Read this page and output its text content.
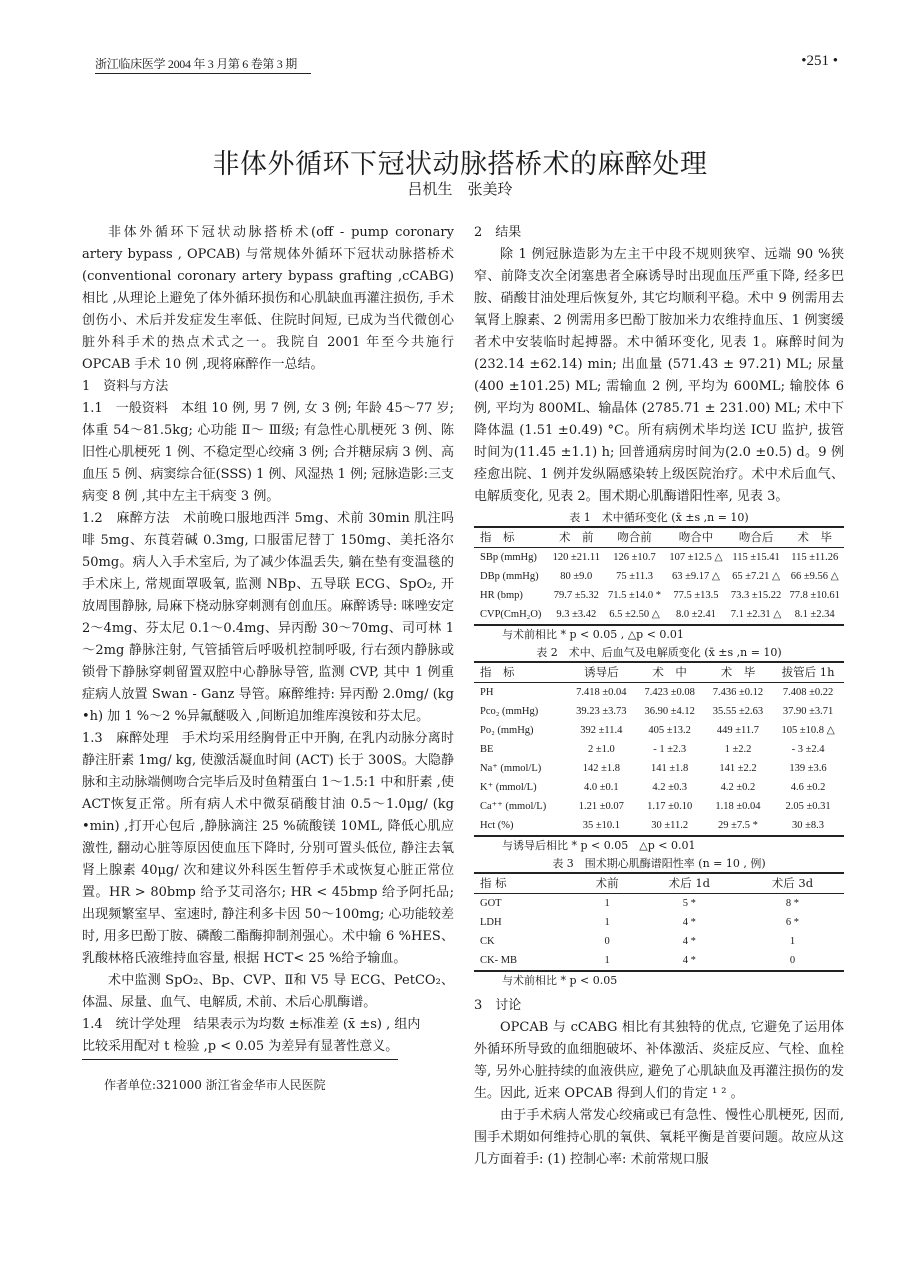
浙江临床医学 2004 年 3 月第 6 卷第 3 期	•251 •
非体外循环下冠状动脉搭桥术的麻醉处理
吕机生　张美玲

非体外循环下冠状动脉搭桥术(off - pump coronary artery bypass , OPCAB) 与常规体外循环下冠状动脉搭桥术(conventional coronary artery bypass grafting ,cCABG) 相比 ,从理论上避免了体外循环损伤和心肌缺血再灌注损伤, 手术创伤小、术后并发症发生率低、住院时间短, 已成为当代微创心脏外科手术的热点术式之一。我院自 2001 年至今共施行 OPCAB 手术 10 例 ,现将麻醉作一总结。

1　资料与方法

1.1　一般资料　本组 10 例, 男 7 例, 女 3 例; 年龄 45～77 岁; 体重 54～81.5kg; 心功能 Ⅱ～ Ⅲ级; 有急性心肌梗死 3 例、陈旧性心肌梗死 1 例、不稳定型心绞痛 3 例; 合并糖尿病 3 例、高血压 5 例、病窦综合征(SSS) 1 例、风湿热 1 例; 冠脉造影:三支病变 8 例 ,其中左主干病变 3 例。

1.2　麻醉方法　术前晚口服地西泮 5mg、术前 30min 肌注吗啡 5mg、东莨菪碱 0.3mg, 口服雷尼替丁 150mg、美托洛尔 50mg。病人入手术室后, 为了减少体温丢失, 躺在垫有变温毯的手术床上, 常规面罩吸氧, 监测 NBp、五导联 ECG、SpO₂, 开放周围静脉, 局麻下桡动脉穿刺测有创血压。麻醉诱导: 咪唑安定 2～4mg、芬太尼 0.1～0.4mg、异丙酚 30～70mg、司可林 1～2mg 静脉注射, 气管插管后呼吸机控制呼吸, 行右颈内静脉或锁骨下静脉穿刺留置双腔中心静脉导管, 监测 CVP, 其中 1 例重症病人放置 Swan - Ganz 导管。麻醉维持: 异丙酚 2.0mg/ (kg •h) 加 1 %～2 %异氟醚吸入 ,间断追加维库溴铵和芬太尼。

1.3　麻醉处理　手术均采用经胸骨正中开胸, 在乳内动脉分离时静注肝素 1mg/ kg, 使激活凝血时间 (ACT) 长于 300S。大隐静脉和主动脉端侧吻合完毕后及时鱼精蛋白 1～1.5:1 中和肝素 ,使 ACT恢复正常。所有病人术中微泵硝酸甘油 0.5～1.0μg/ (kg •min) ,打开心包后 ,静脉滴注 25 %硫酸镁 10ML, 降低心肌应激性, 翻动心脏等原因使血压下降时, 分别可置头低位, 静注去氧肾上腺素 40μg/ 次和建议外科医生暂停手术或恢复心脏正常位置。HR > 80bmp 给予艾司洛尔; HR < 45bmp 给予阿托品; 出现频繁室早、室速时, 静注利多卡因 50～100mg; 心功能较差时, 用多巴酚丁胺、磷酸二酯酶抑制剂强心。术中输 6 %HES、乳酸林格氏液维持血容量, 根据 HCT< 25 %给予输血。

术中监测 SpO₂、Bp、CVP、Ⅱ和 V5 导 ECG、PetCO₂、体温、尿量、血气、电解质, 术前、术后心肌酶谱。

1.4　统计学处理　结果表示为均数 ±标准差 (x̄ ±s) , 组内
比较采用配对 t 检验 ,p < 0.05 为差异有显著性意义。

作者单位:321000 浙江省金华市人民医院

2　结果

除 1 例冠脉造影为左主干中段不规则狭窄、远端 90 %狭窄、前降支次全闭塞患者全麻诱导时出现血压严重下降, 经多巴胺、硝酸甘油处理后恢复外, 其它均顺利平稳。术中 9 例需用去氧肾上腺素、2 例需用多巴酚丁胺加米力农维持血压、1 例窦缓者术中安装临时起搏器。术中循环变化, 见表 1。麻醉时间为 (232.14 ±62.14) min; 出血量 (571.43 ± 97.21) ML; 尿量 (400 ±101.25) ML; 需输血 2 例, 平均为 600ML; 输胶体 6 例, 平均为 800ML、输晶体 (2785.71 ± 231.00) ML; 术中下降体温 (1.51 ±0.49) °C。所有病例术毕均送 ICU 监护, 拔管时间为(11.45 ±1.1) h; 回普通病房时间为(2.0 ±0.5) d。9 例痊愈出院、1 例并发纵隔感染转上级医院治疗。术中术后血气、电解质变化, 见表 2。围术期心肌酶谱阳性率, 见表 3。

表 1　术中循环变化 (x̄ ±s ,n = 10)
指　标	术　前	吻合前	吻合中	吻合后	术　毕
SBp (mmHg)	120 ±21.11	126 ±10.7	107 ±12.5 △	115 ±15.41	115 ±11.26
DBp (mmHg)	80 ±9.0	75 ±11.3	63 ±9.17 △	65 ±7.21 △	66 ±9.56 △
HR (bmp)	79.7 ±5.32	71.5 ±14.0 *	77.5 ±13.5	73.3 ±15.22	77.8 ±10.61
CVP(CmH₂O)	9.3 ±3.42	6.5 ±2.50 △	8.0 ±2.41	7.1 ±2.31 △	8.1 ±2.34
与术前相比 * p < 0.05 , △p < 0.01
表 2　术中、后血气及电解质变化 (x̄ ±s ,n = 10)
指　标	诱导后	术　中	术　毕	拔管后 1h
PH	7.418 ±0.04	7.423 ±0.08	7.436 ±0.12	7.408 ±0.22
Pco₂ (mmHg)	39.23 ±3.73	36.90 ±4.12	35.55 ±2.63	37.90 ±3.71
Po₂ (mmHg)	392 ±11.4	405 ±13.2	449 ±11.7	105 ±10.8 △
BE	2 ±1.0	- 1 ±2.3	1 ±2.2	- 3 ±2.4
Na⁺ (mmol/L)	142 ±1.8	141 ±1.8	141 ±2.2	139 ±3.6
K⁺ (mmol/L)	4.0 ±0.1	4.2 ±0.3	4.2 ±0.2	4.6 ±0.2
Ca⁺⁺ (mmol/L)	1.21 ±0.07	1.17 ±0.10	1.18 ±0.04	2.05 ±0.31
Hct (%)	35 ±10.1	30 ±11.2	29 ±7.5 *	30 ±8.3
与诱导后相比 * p < 0.05　△p < 0.01
表 3　围术期心肌酶谱阳性率 (n = 10 , 例)
指 标	术前	术后 1d	术后 3d
GOT	1	5 *	8 *
LDH	1	4 *	6 *
CK	0	4 *	1
CK- MB	1	4 *	0
与术前相比 * p < 0.05

3　讨论

OPCAB 与 cCABG 相比有其独特的优点, 它避免了运用体外循环所导致的血细胞破坏、补体激活、炎症反应、气栓、血栓等, 另外心脏持续的血液供应, 避免了心肌缺血及再灌注损伤的发生。因此, 近来 OPCAB 得到人们的肯定 ¹ ² 。

由于手术病人常发心绞痛或已有急性、慢性心肌梗死, 因而, 围手术期如何维持心肌的氧供、氧耗平衡是首要问题。故应从这几方面着手: (1) 控制心率: 术前常规口服
